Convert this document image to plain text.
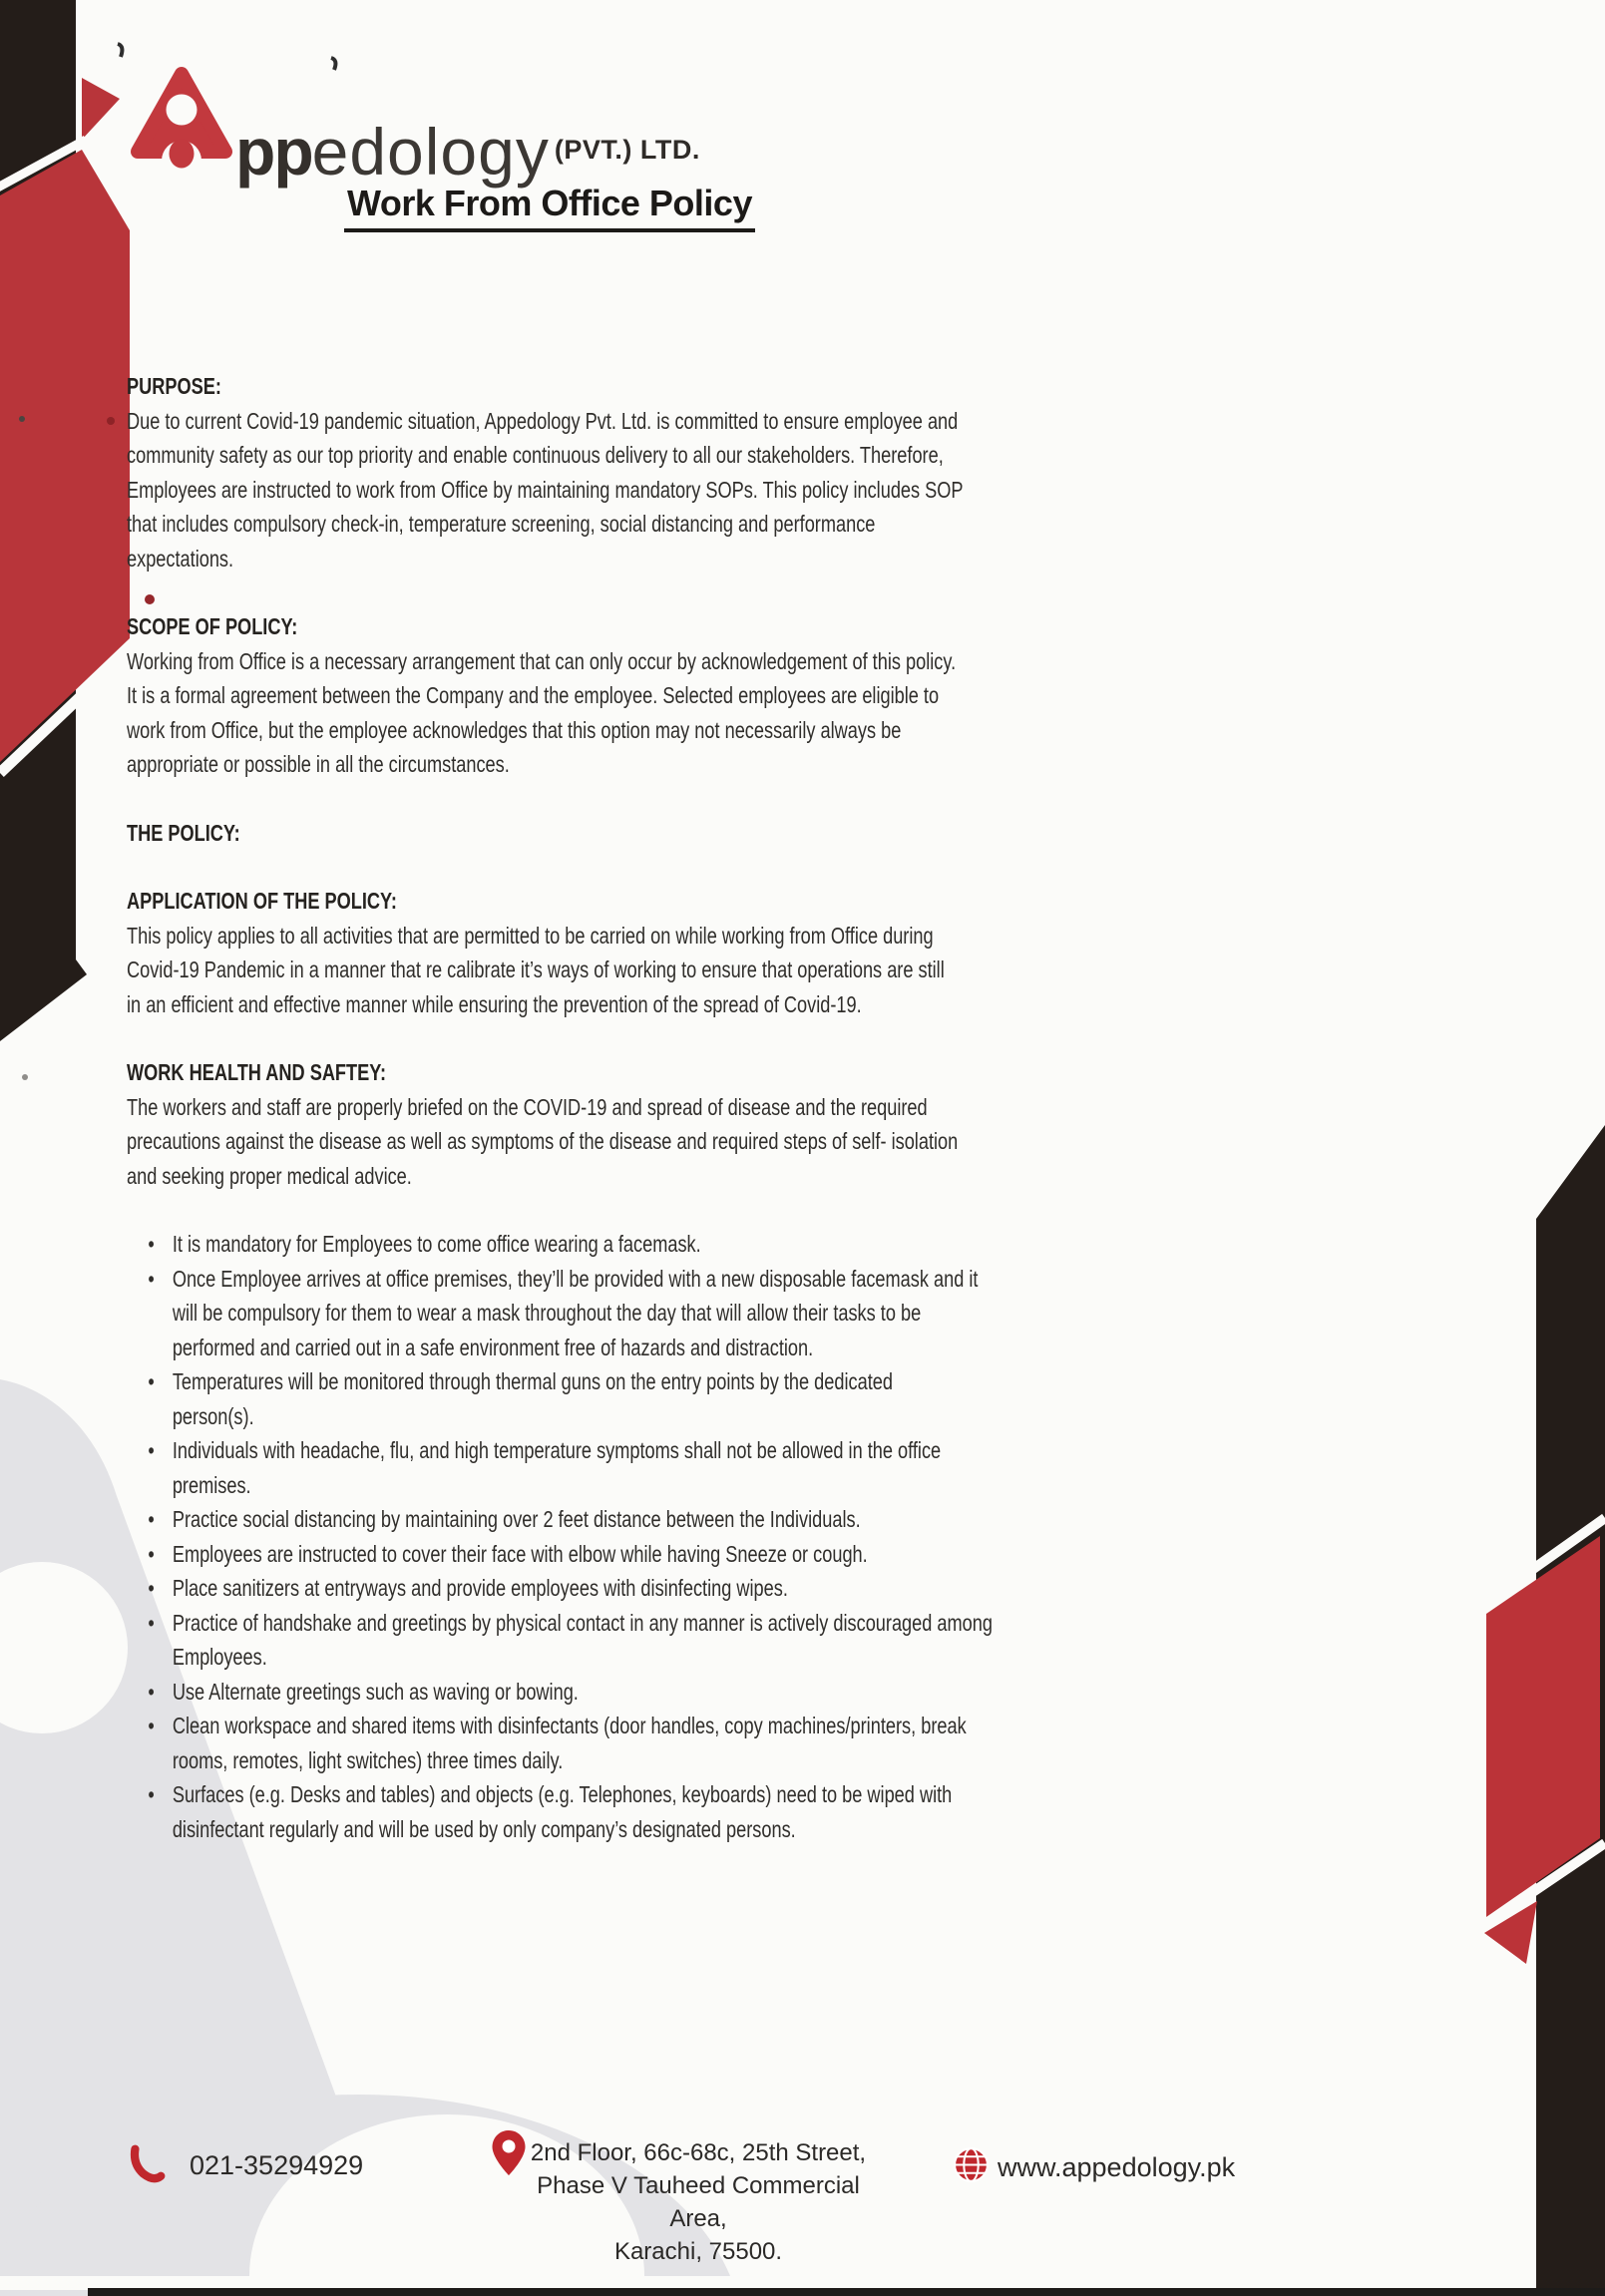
pp edology (PVT.) LTD.
Work From Office Policy
PURPOSE:
Due to current Covid-19 pandemic situation, Appedology Pvt. Ltd. is committed to ensure employee and
community safety as our top priority and enable continuous delivery to all our stakeholders. Therefore,
Employees are instructed to work from Office by maintaining mandatory SOPs. This policy includes SOP
that includes compulsory check-in, temperature screening, social distancing and performance
expectations.
SCOPE OF POLICY:
Working from Office is a necessary arrangement that can only occur by acknowledgement of this policy.
It is a formal agreement between the Company and the employee. Selected employees are eligible to
work from Office, but the employee acknowledges that this option may not necessarily always be
appropriate or possible in all the circumstances.
THE POLICY:
APPLICATION OF THE POLICY:
This policy applies to all activities that are permitted to be carried on while working from Office during
Covid-19 Pandemic in a manner that re calibrate it’s ways of working to ensure that operations are still
in an efficient and effective manner while ensuring the prevention of the spread of Covid-19.
WORK HEALTH AND SAFTEY:
The workers and staff are properly briefed on the COVID-19 and spread of disease and the required
precautions against the disease as well as symptoms of the disease and required steps of self- isolation
and seeking proper medical advice.
• It is mandatory for Employees to come office wearing a facemask.
• Once Employee arrives at office premises, they’ll be provided with a new disposable facemask and it
will be compulsory for them to wear a mask throughout the day that will allow their tasks to be
performed and carried out in a safe environment free of hazards and distraction.
• Temperatures will be monitored through thermal guns on the entry points by the dedicated
person(s).
• Individuals with headache, flu, and high temperature symptoms shall not be allowed in the office
premises.
• Practice social distancing by maintaining over 2 feet distance between the Individuals.
• Employees are instructed to cover their face with elbow while having Sneeze or cough.
• Place sanitizers at entryways and provide employees with disinfecting wipes.
• Practice of handshake and greetings by physical contact in any manner is actively discouraged among
Employees.
• Use Alternate greetings such as waving or bowing.
• Clean workspace and shared items with disinfectants (door handles, copy machines/printers, break
rooms, remotes, light switches) three times daily.
• Surfaces (e.g. Desks and tables) and objects (e.g. Telephones, keyboards) need to be wiped with
disinfectant regularly and will be used by only company’s designated persons.
021-35294929	2nd Floor, 66c-68c, 25th Street,
Phase V Tauheed Commercial Area,
Karachi, 75500.
www.appedology.pk
